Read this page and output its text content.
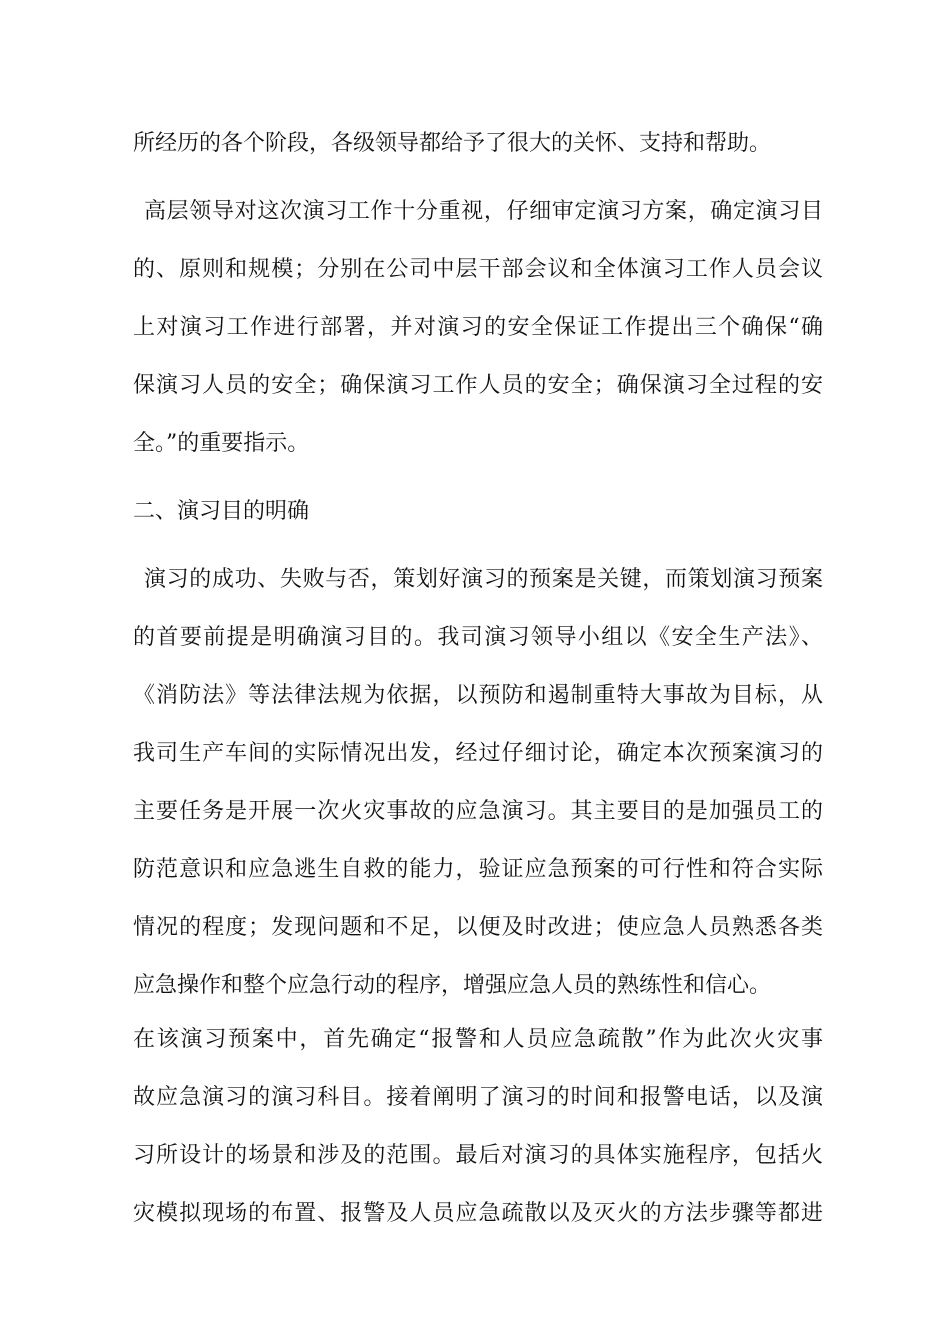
所经历的各个阶段，各级领导都给予了很大的关怀、支持和帮助。
高层领导对这次演习工作十分重视，仔细审定演习方案，确定演习目
的、原则和规模；分别在公司中层干部会议和全体演习工作人员会议
上对演习工作进行部署，并对演习的安全保证工作提出三个确保“确
保演习人员的安全；确保演习工作人员的安全；确保演习全过程的安
全。”的重要指示。
二、演习目的明确
演习的成功、失败与否，策划好演习的预案是关键，而策划演习预案
的首要前提是明确演习目的。我司演习领导小组以《安全生产法》、
《消防法》等法律法规为依据，以预防和遏制重特大事故为目标，从
我司生产车间的实际情况出发，经过仔细讨论，确定本次预案演习的
主要任务是开展一次火灾事故的应急演习。其主要目的是加强员工的
防范意识和应急逃生自救的能力，验证应急预案的可行性和符合实际
情况的程度；发现问题和不足，以便及时改进；使应急人员熟悉各类
应急操作和整个应急行动的程序，增强应急人员的熟练性和信心。
在该演习预案中，首先确定“报警和人员应急疏散”作为此次火灾事
故应急演习的演习科目。接着阐明了演习的时间和报警电话，以及演
习所设计的场景和涉及的范围。最后对演习的具体实施程序，包括火
灾模拟现场的布置、报警及人员应急疏散以及灭火的方法步骤等都进
